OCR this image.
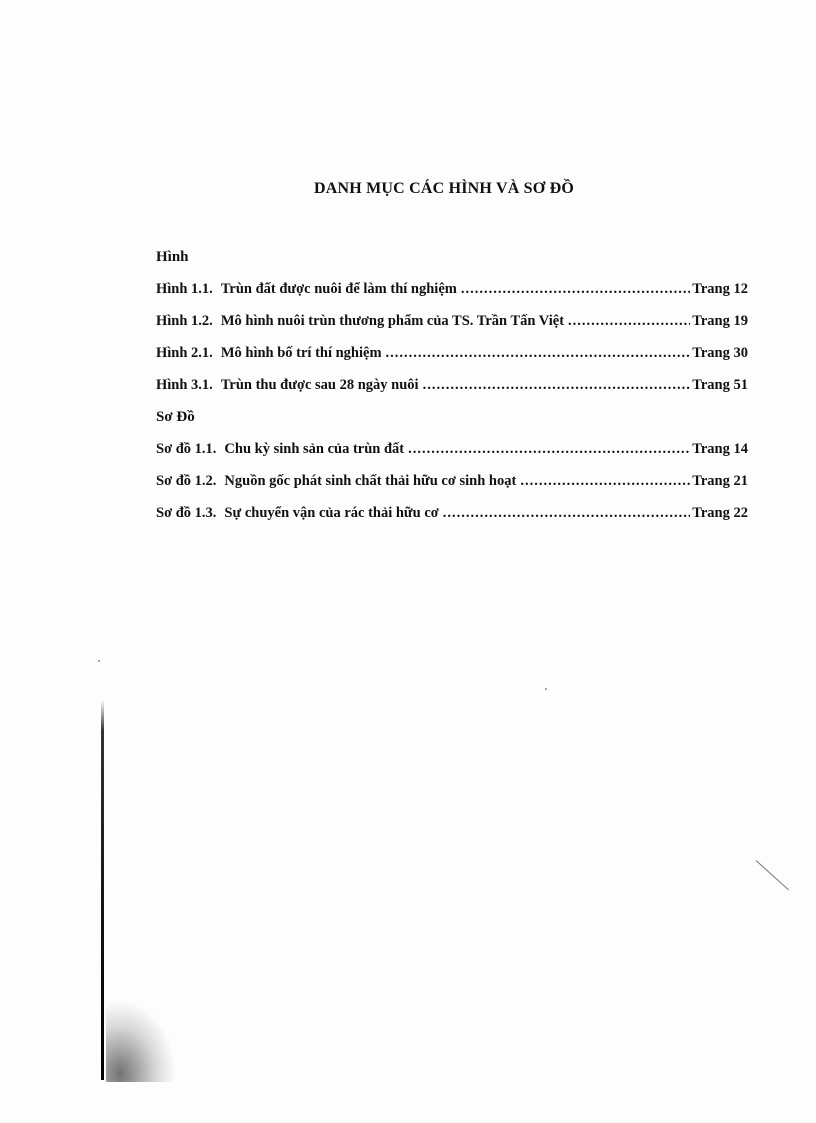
DANH MỤC CÁC HÌNH VÀ SƠ ĐỒ
Hình
Hình 1.1. Trùn đất được nuôi để làm thí nghiệm .....	Trang 12
Hình 1.2. Mô hình nuôi trùn thương phẩm của TS. Trần Tấn Việt .....	Trang 19
Hình 2.1. Mô hình bố trí thí nghiệm .....	Trang 30
Hình 3.1. Trùn thu được sau 28 ngày nuôi .....	Trang 51
Sơ Đồ
Sơ đồ 1.1. Chu kỳ sinh sản của trùn đất .....	Trang 14
Sơ đồ 1.2. Nguồn gốc phát sinh chất thải hữu cơ sinh hoạt .....	Trang 21
Sơ đồ 1.3. Sự chuyển vận của rác thải hữu cơ .....	Trang 22
